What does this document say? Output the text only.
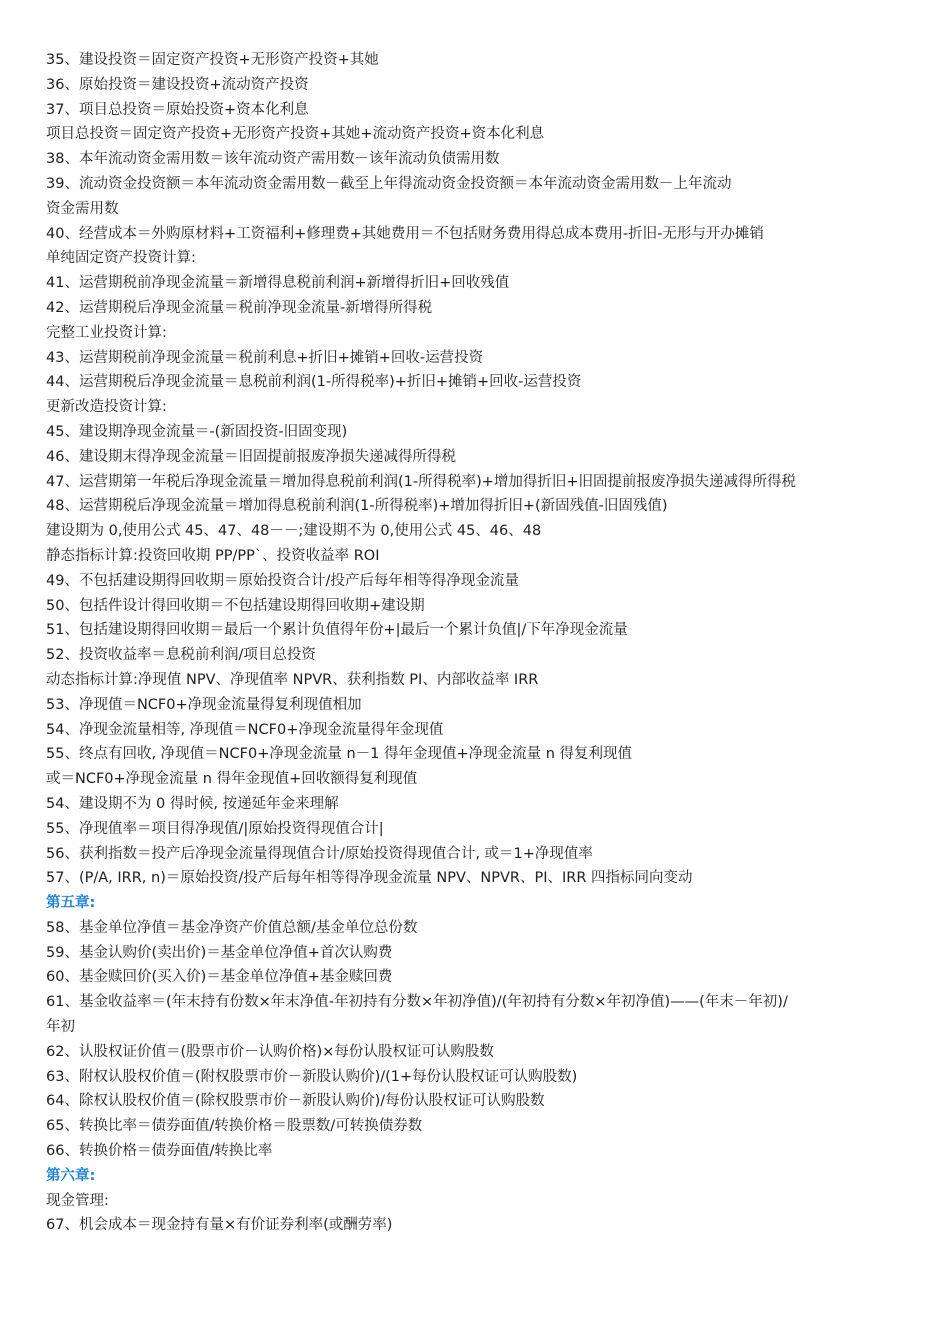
35、建设投资＝固定资产投资+无形资产投资+其她
36、原始投资＝建设投资+流动资产投资
37、项目总投资＝原始投资+资本化利息
项目总投资＝固定资产投资+无形资产投资+其她+流动资产投资+资本化利息
38、本年流动资金需用数＝该年流动资产需用数－该年流动负债需用数
39、流动资金投资额＝本年流动资金需用数－截至上年得流动资金投资额＝本年流动资金需用数－上年流动
资金需用数
40、经营成本＝外购原材料+工资福利+修理费+其她费用＝不包括财务费用得总成本费用-折旧-无形与开办摊销
单纯固定资产投资计算:
41、运营期税前净现金流量＝新增得息税前利润+新增得折旧+回收残值
42、运营期税后净现金流量＝税前净现金流量-新增得所得税
完整工业投资计算:
43、运营期税前净现金流量＝税前利息+折旧+摊销+回收-运营投资
44、运营期税后净现金流量＝息税前利润(1-所得税率)+折旧+摊销+回收-运营投资
更新改造投资计算:
45、建设期净现金流量＝-(新固投资-旧固变现)
46、建设期末得净现金流量＝旧固提前报废净损失递减得所得税
47、运营期第一年税后净现金流量＝增加得息税前利润(1-所得税率)+增加得折旧+旧固提前报废净损失递减得所得税
48、运营期税后净现金流量＝增加得息税前利润(1-所得税率)+增加得折旧+(新固残值-旧固残值)
建设期为 0,使用公式 45、47、48－－;建设期不为 0,使用公式 45、46、48
静态指标计算:投资回收期 PP/PP`、投资收益率 ROI
49、不包括建设期得回收期＝原始投资合计/投产后每年相等得净现金流量
50、包括件设计得回收期＝不包括建设期得回收期+建设期
51、包括建设期得回收期＝最后一个累计负值得年份+|最后一个累计负值|/下年净现金流量
52、投资收益率＝息税前利润/项目总投资
动态指标计算:净现值 NPV、净现值率 NPVR、获利指数 PI、内部收益率 IRR
53、净现值＝NCF0+净现金流量得复利现值相加
54、净现金流量相等, 净现值＝NCF0+净现金流量得年金现值
55、终点有回收, 净现值＝NCF0+净现金流量 n－1 得年金现值+净现金流量 n 得复利现值
或＝NCF0+净现金流量 n 得年金现值+回收额得复利现值
54、建设期不为 0 得时候, 按递延年金来理解
55、净现值率＝项目得净现值/|原始投资得现值合计|
56、获利指数＝投产后净现金流量得现值合计/原始投资得现值合计, 或＝1+净现值率
57、(P/A, IRR, n)＝原始投资/投产后每年相等得净现金流量 NPV、NPVR、PI、IRR 四指标同向变动
第五章:
58、基金单位净值＝基金净资产价值总额/基金单位总份数
59、基金认购价(卖出价)＝基金单位净值+首次认购费
60、基金赎回价(买入价)＝基金单位净值+基金赎回费
61、基金收益率＝(年末持有份数×年末净值-年初持有分数×年初净值)/(年初持有分数×年初净值)——(年末－年初)/
年初
62、认股权证价值＝(股票市价－认购价格)×每份认股权证可认购股数
63、附权认股权价值＝(附权股票市价－新股认购价)/(1+每份认股权证可认购股数)
64、除权认股权价值＝(除权股票市价－新股认购价)/每份认股权证可认购股数
65、转换比率＝债券面值/转换价格＝股票数/可转换债券数
66、转换价格＝债券面值/转换比率
第六章:
现金管理:
67、机会成本＝现金持有量×有价证券利率(或酬劳率)
